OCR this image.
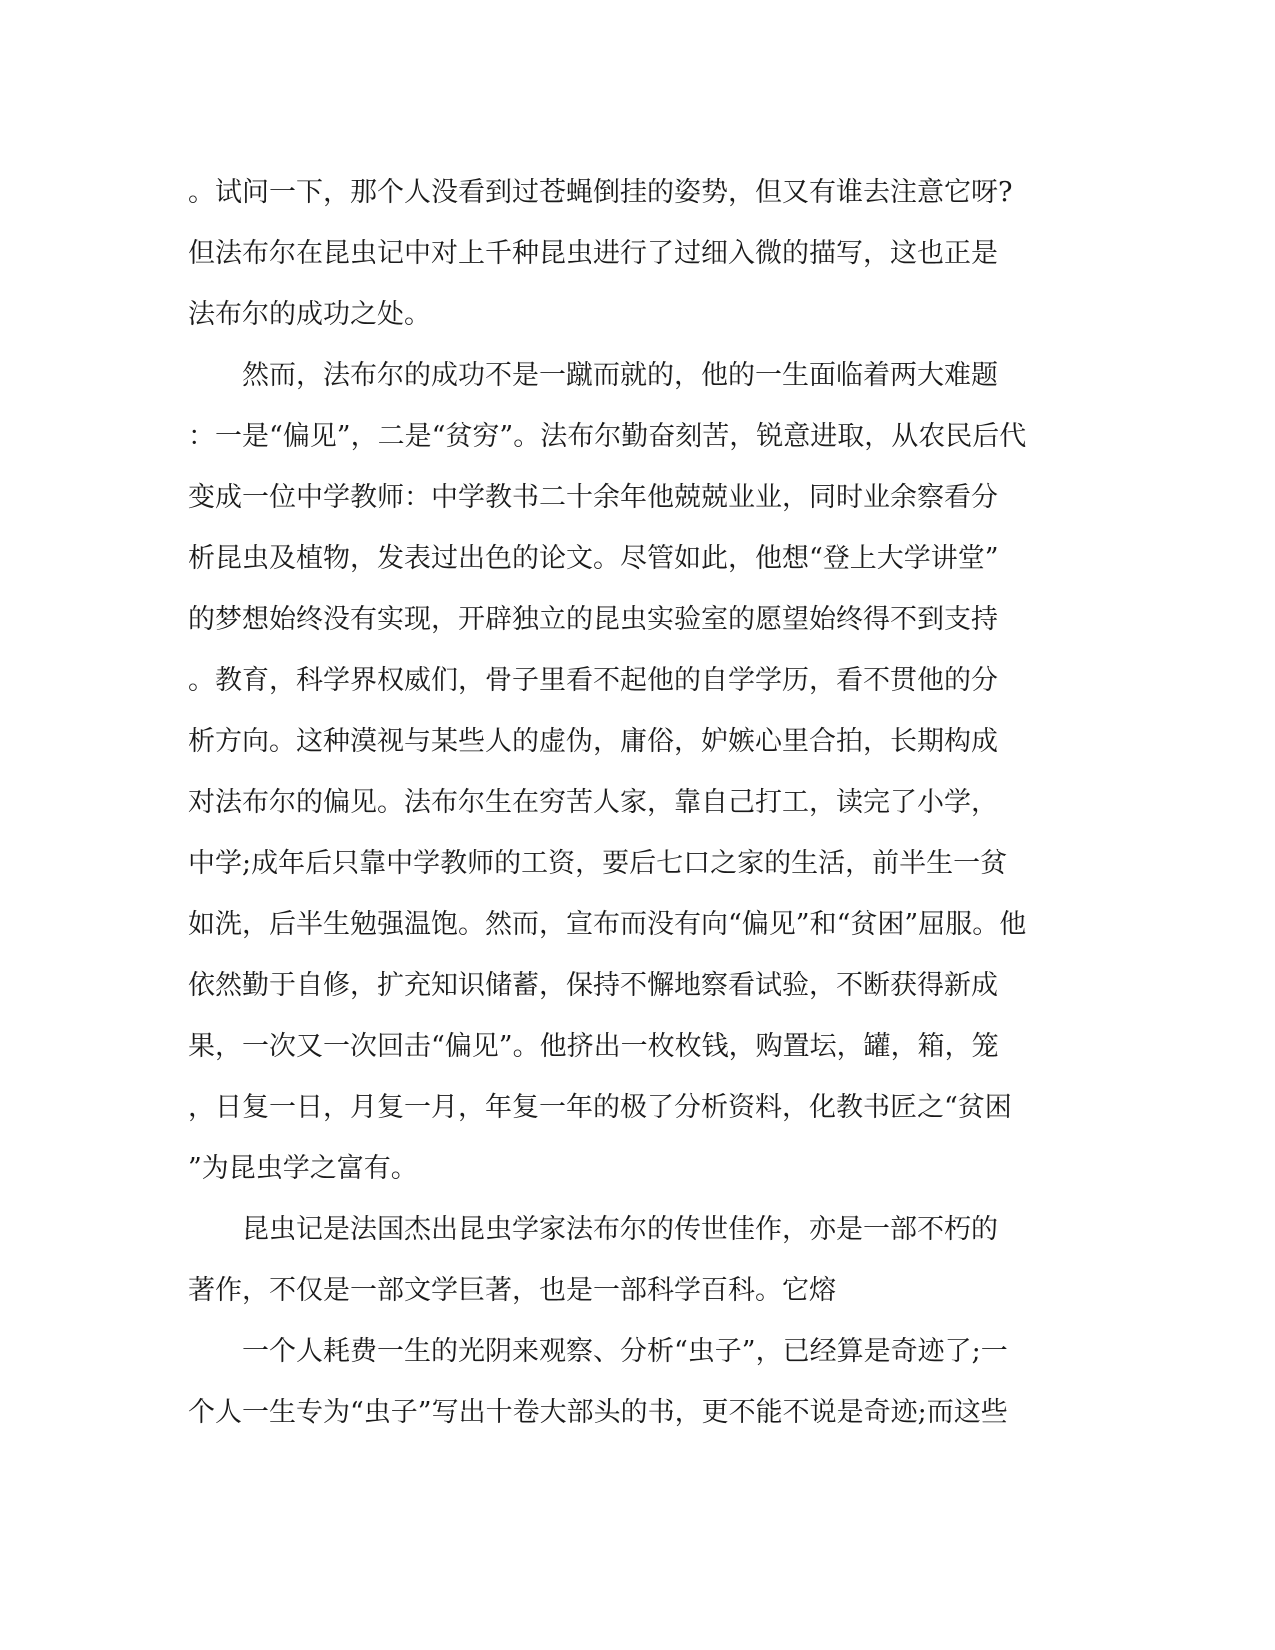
。试问一下，那个人没看到过苍蝇倒挂的姿势，但又有谁去注意它呀?
但法布尔在昆虫记中对上千种昆虫进行了过细入微的描写，这也正是
法布尔的成功之处。
　　然而，法布尔的成功不是一蹴而就的，他的一生面临着两大难题
：一是“偏见”，二是“贫穷”。法布尔勤奋刻苦，锐意进取，从农民后代
变成一位中学教师：中学教书二十余年他兢兢业业，同时业余察看分
析昆虫及植物，发表过出色的论文。尽管如此，他想“登上大学讲堂”
的梦想始终没有实现，开辟独立的昆虫实验室的愿望始终得不到支持
。教育，科学界权威们，骨子里看不起他的自学学历，看不贯他的分
析方向。这种漠视与某些人的虚伪，庸俗，妒嫉心里合拍，长期构成
对法布尔的偏见。法布尔生在穷苦人家，靠自己打工，读完了小学，
中学;成年后只靠中学教师的工资，要后七口之家的生活，前半生一贫
如洗，后半生勉强温饱。然而，宣布而没有向“偏见”和“贫困”屈服。他
依然勤于自修，扩充知识储蓄，保持不懈地察看试验，不断获得新成
果，一次又一次回击“偏见”。他挤出一枚枚钱，购置坛，罐，箱，笼
，日复一日，月复一月，年复一年的极了分析资料，化教书匠之“贫困
”为昆虫学之富有。
　　昆虫记是法国杰出昆虫学家法布尔的传世佳作，亦是一部不朽的
著作，不仅是一部文学巨著，也是一部科学百科。它熔
　　一个人耗费一生的光阴来观察、分析“虫子”，已经算是奇迹了;一
个人一生专为“虫子”写出十卷大部头的书，更不能不说是奇迹;而这些
